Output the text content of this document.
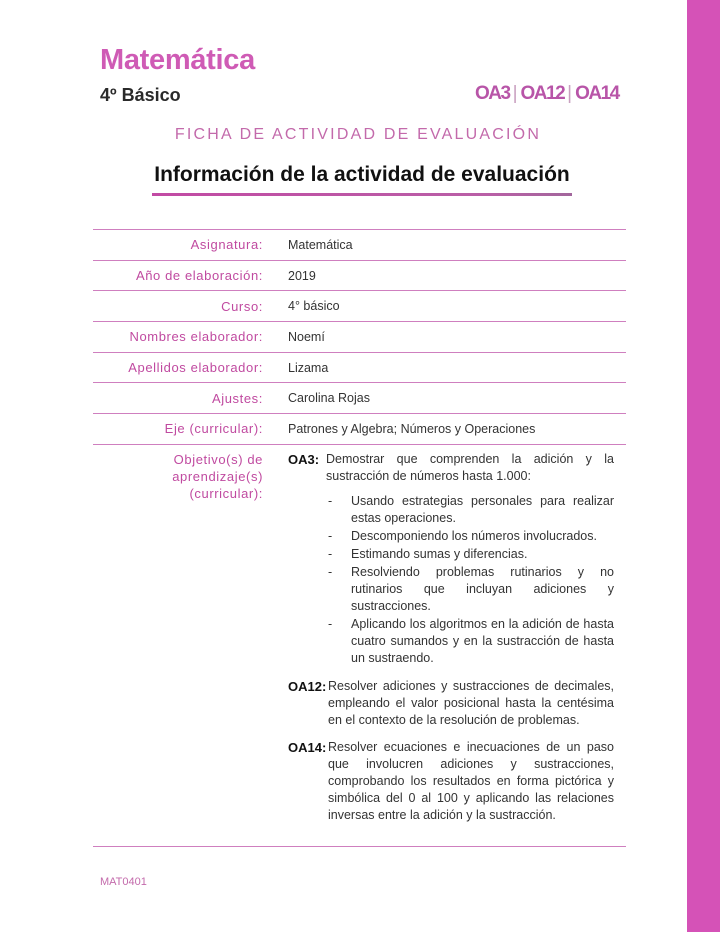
Matemática
4º Básico	OA3 | OA12 | OA14
FICHA DE ACTIVIDAD DE EVALUACIÓN
Información de la actividad de evaluación
Asignatura: Matemática
Año de elaboración: 2019
Curso: 4° básico
Nombres elaborador: Noemí
Apellidos elaborador: Lizama
Ajustes: Carolina Rojas
Eje (curricular): Patrones y Algebra; Números y Operaciones
Objetivo(s) de
aprendizaje(s)
(curricular):
OA3: Demostrar que comprenden la adición y la sustracción de números hasta 1.000:
-	Usando estrategias personales para realizar estas operaciones.
-	Descomponiendo los números involucrados.
-	Estimando sumas y diferencias.
-	Resolviendo problemas rutinarios y no rutinarios que incluyan adiciones y sustracciones.
-	Aplicando los algoritmos en la adición de hasta cuatro sumandos y en la sustracción de hasta un sustraendo.
OA12: Resolver adiciones y sustracciones de decimales, empleando el valor posicional hasta la centésima en el contexto de la resolución de problemas.
OA14: Resolver ecuaciones e inecuaciones de un paso que involucren adiciones y sustracciones, comprobando los resultados en forma pictórica y simbólica del 0 al 100 y aplicando las relaciones inversas entre la adición y la sustracción.
MAT0401
